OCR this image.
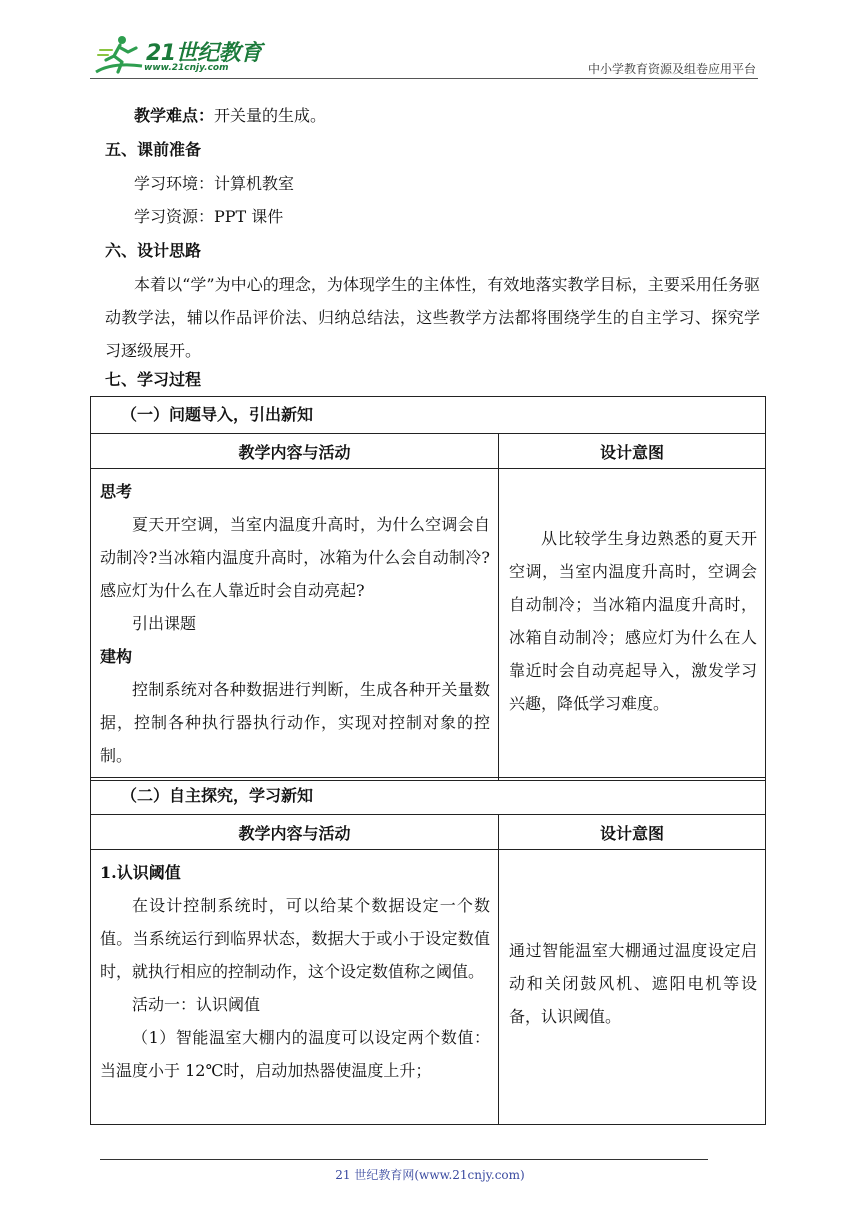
21世纪教育
www.21cnjy.com	中小学教育资源及组卷应用平台
教学难点：开关量的生成。
五、课前准备
学习环境：计算机教室
学习资源：PPT 课件
六、设计思路
本着以“学”为中心的理念，为体现学生的主体性，有效地落实教学目标，主要采用任务驱动教学法，辅以作品评价法、归纳总结法，这些教学方法都将围绕学生的自主学习、探究学习逐级展开。
七、学习过程
（一）问题导入，引出新知	
教学内容与活动	设计意图

思考
夏天开空调，当室内温度升高时，为什么空调会自动制冷?当冰箱内温度升高时，冰箱为什么会自动制冷?感应灯为什么在人靠近时会自动亮起?
引出课题
建构
控制系统对各种数据进行判断，生成各种开关量数据，控制各种执行器执行动作，实现对控制对象的控制。	从比较学生身边熟悉的夏天开空调，当室内温度升高时，空调会自动制冷；当冰箱内温度升高时，冰箱自动制冷；感应灯为什么在人靠近时会自动亮起导入，激发学习兴趣，降低学习难度。
（二）自主探究，学习新知	
教学内容与活动	设计意图

1.认识阈值
在设计控制系统时，可以给某个数据设定一个数值。当系统运行到临界状态，数据大于或小于设定数值时，就执行相应的控制动作，这个设定数值称之阈值。
活动一：认识阈值
（1）智能温室大棚内的温度可以设定两个数值：当温度小于 12℃时，启动加热器使温度上升；	通过智能温室大棚通过温度设定启动和关闭鼓风机、遮阳电机等设备，认识阈值。
21 世纪教育网(www.21cnjy.com)
